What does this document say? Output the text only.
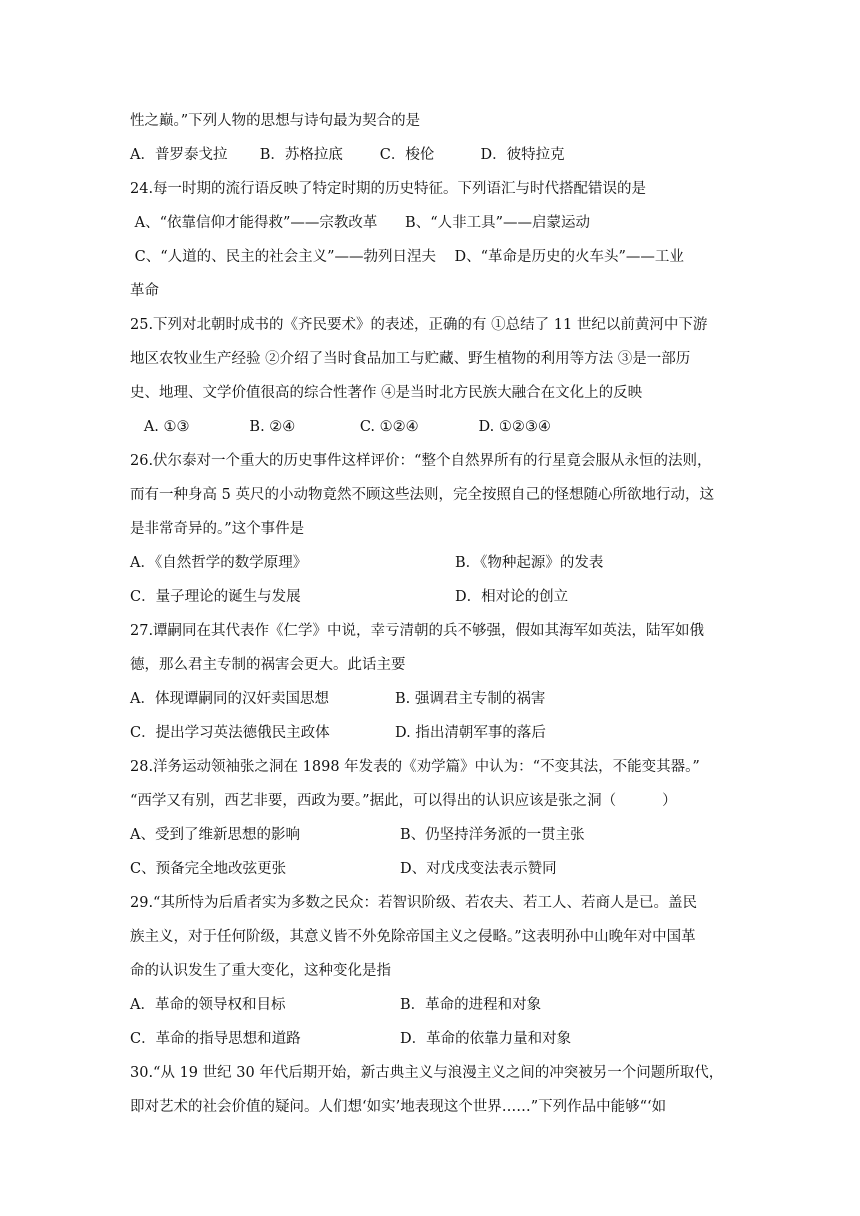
性之巅。”下列人物的思想与诗句最为契合的是
A．普罗泰戈拉       B．苏格拉底        C．梭伦          D．彼特拉克
24.每一时期的流行语反映了特定时期的历史特征。下列语汇与时代搭配错误的是
A、“依靠信仰才能得救”——宗教改革      B、“人非工具”——启蒙运动
C、“人道的、民主的社会主义”——勃列日涅夫    D、“革命是历史的火车头”——工业
革命
25.下列对北朝时成书的《齐民要术》的表述，正确的有 ①总结了 11 世纪以前黄河中下游
地区农牧业生产经验 ②介绍了当时食品加工与贮藏、野生植物的利用等方法 ③是一部历
史、地理、文学价值很高的综合性著作 ④是当时北方民族大融合在文化上的反映
A. ①③             B. ②④              C. ①②④             D. ①②③④
26.伏尔泰对一个重大的历史事件这样评价：“整个自然界所有的行星竟会服从永恒的法则，
而有一种身高 5 英尺的小动物竟然不顾这些法则，完全按照自己的怪想随心所欲地行动，这
是非常奇异的。”这个事件是
A．《自然哲学的数学原理》	B．《物种起源》的发表
C．量子理论的诞生与发展	D．相对论的创立
27.谭嗣同在其代表作《仁学》中说，幸亏清朝的兵不够强，假如其海军如英法，陆军如俄
德，那么君主专制的祸害会更大。此话主要
A．体现谭嗣同的汉奸卖国思想	B. 强调君主专制的祸害
C．提出学习英法德俄民主政体	D. 指出清朝军事的落后
28.洋务运动领袖张之洞在 1898 年发表的《劝学篇》中认为：“不变其法，不能变其器。”
“西学又有别，西艺非要，西政为要。”据此，可以得出的认识应该是张之洞（          ）
A、受到了维新思想的影响	B、仍坚持洋务派的一贯主张
C、预备完全地改弦更张	D、对戊戌变法表示赞同
29.“其所恃为后盾者实为多数之民众：若智识阶级、若农夫、若工人、若商人是已。盖民
族主义，对于任何阶级，其意义皆不外免除帝国主义之侵略。”这表明孙中山晚年对中国革
命的认识发生了重大变化，这种变化是指
A．革命的领导权和目标	B．革命的进程和对象
C．革命的指导思想和道路	D．革命的依靠力量和对象
30.“从 19 世纪 30 年代后期开始，新古典主义与浪漫主义之间的冲突被另一个问题所取代，
即对艺术的社会价值的疑问。人们想‘如实’地表现这个世界……”下列作品中能够“‘如
